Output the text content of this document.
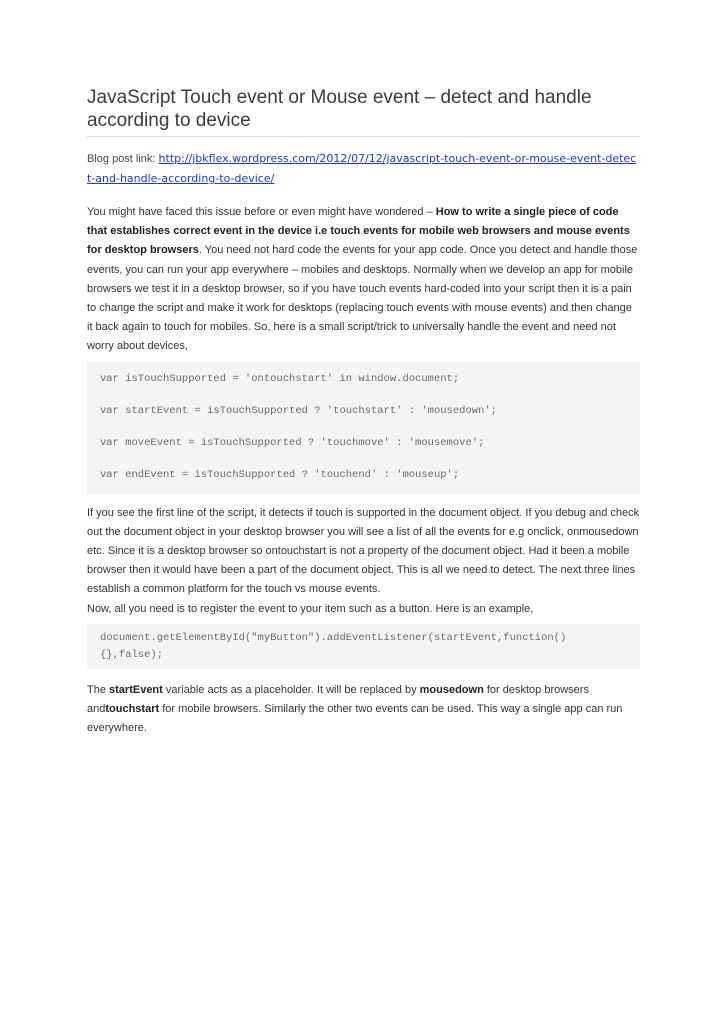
JavaScript Touch event or Mouse event – detect and handle according to device
Blog post link: http://jbkflex.wordpress.com/2012/07/12/javascript-touch-event-or-mouse-event-detect-and-handle-according-to-device/

You might have faced this issue before or even might have wondered – How to write a single piece of code that establishes correct event in the device i.e touch events for mobile web browsers and mouse events for desktop browsers. You need not hard code the events for your app code. Once you detect and handle those events, you can run your app everywhere – mobiles and desktops. Normally when we develop an app for mobile browsers we test it in a desktop browser, so if you have touch events hard-coded into your script then it is a pain to change the script and make it work for desktops (replacing touch events with mouse events) and then change it back again to touch for mobiles. So, here is a small script/trick to universally handle the event and need not worry about devices,

var isTouchSupported = 'ontouchstart' in window.document;
var startEvent = isTouchSupported ? 'touchstart' : 'mousedown';
var moveEvent = isTouchSupported ? 'touchmove' : 'mousemove';
var endEvent = isTouchSupported ? 'touchend' : 'mouseup';

If you see the first line of the script, it detects if touch is supported in the document object. If you debug and check out the document object in your desktop browser you will see a list of all the events for e.g onclick, onmousedown etc. Since it is a desktop browser so ontouchstart is not a property of the document object. Had it been a mobile browser then it would have been a part of the document object. This is all we need to detect. The next three lines establish a common platform for the touch vs mouse events.
Now, all you need is to register the event to your item such as a button. Here is an example,

document.getElementById("myButton").addEventListener(startEvent,function(){},false);

The startEvent variable acts as a placeholder. It will be replaced by mousedown for desktop browsers andtouchstart for mobile browsers. Similarly the other two events can be used. This way a single app can run everywhere.
